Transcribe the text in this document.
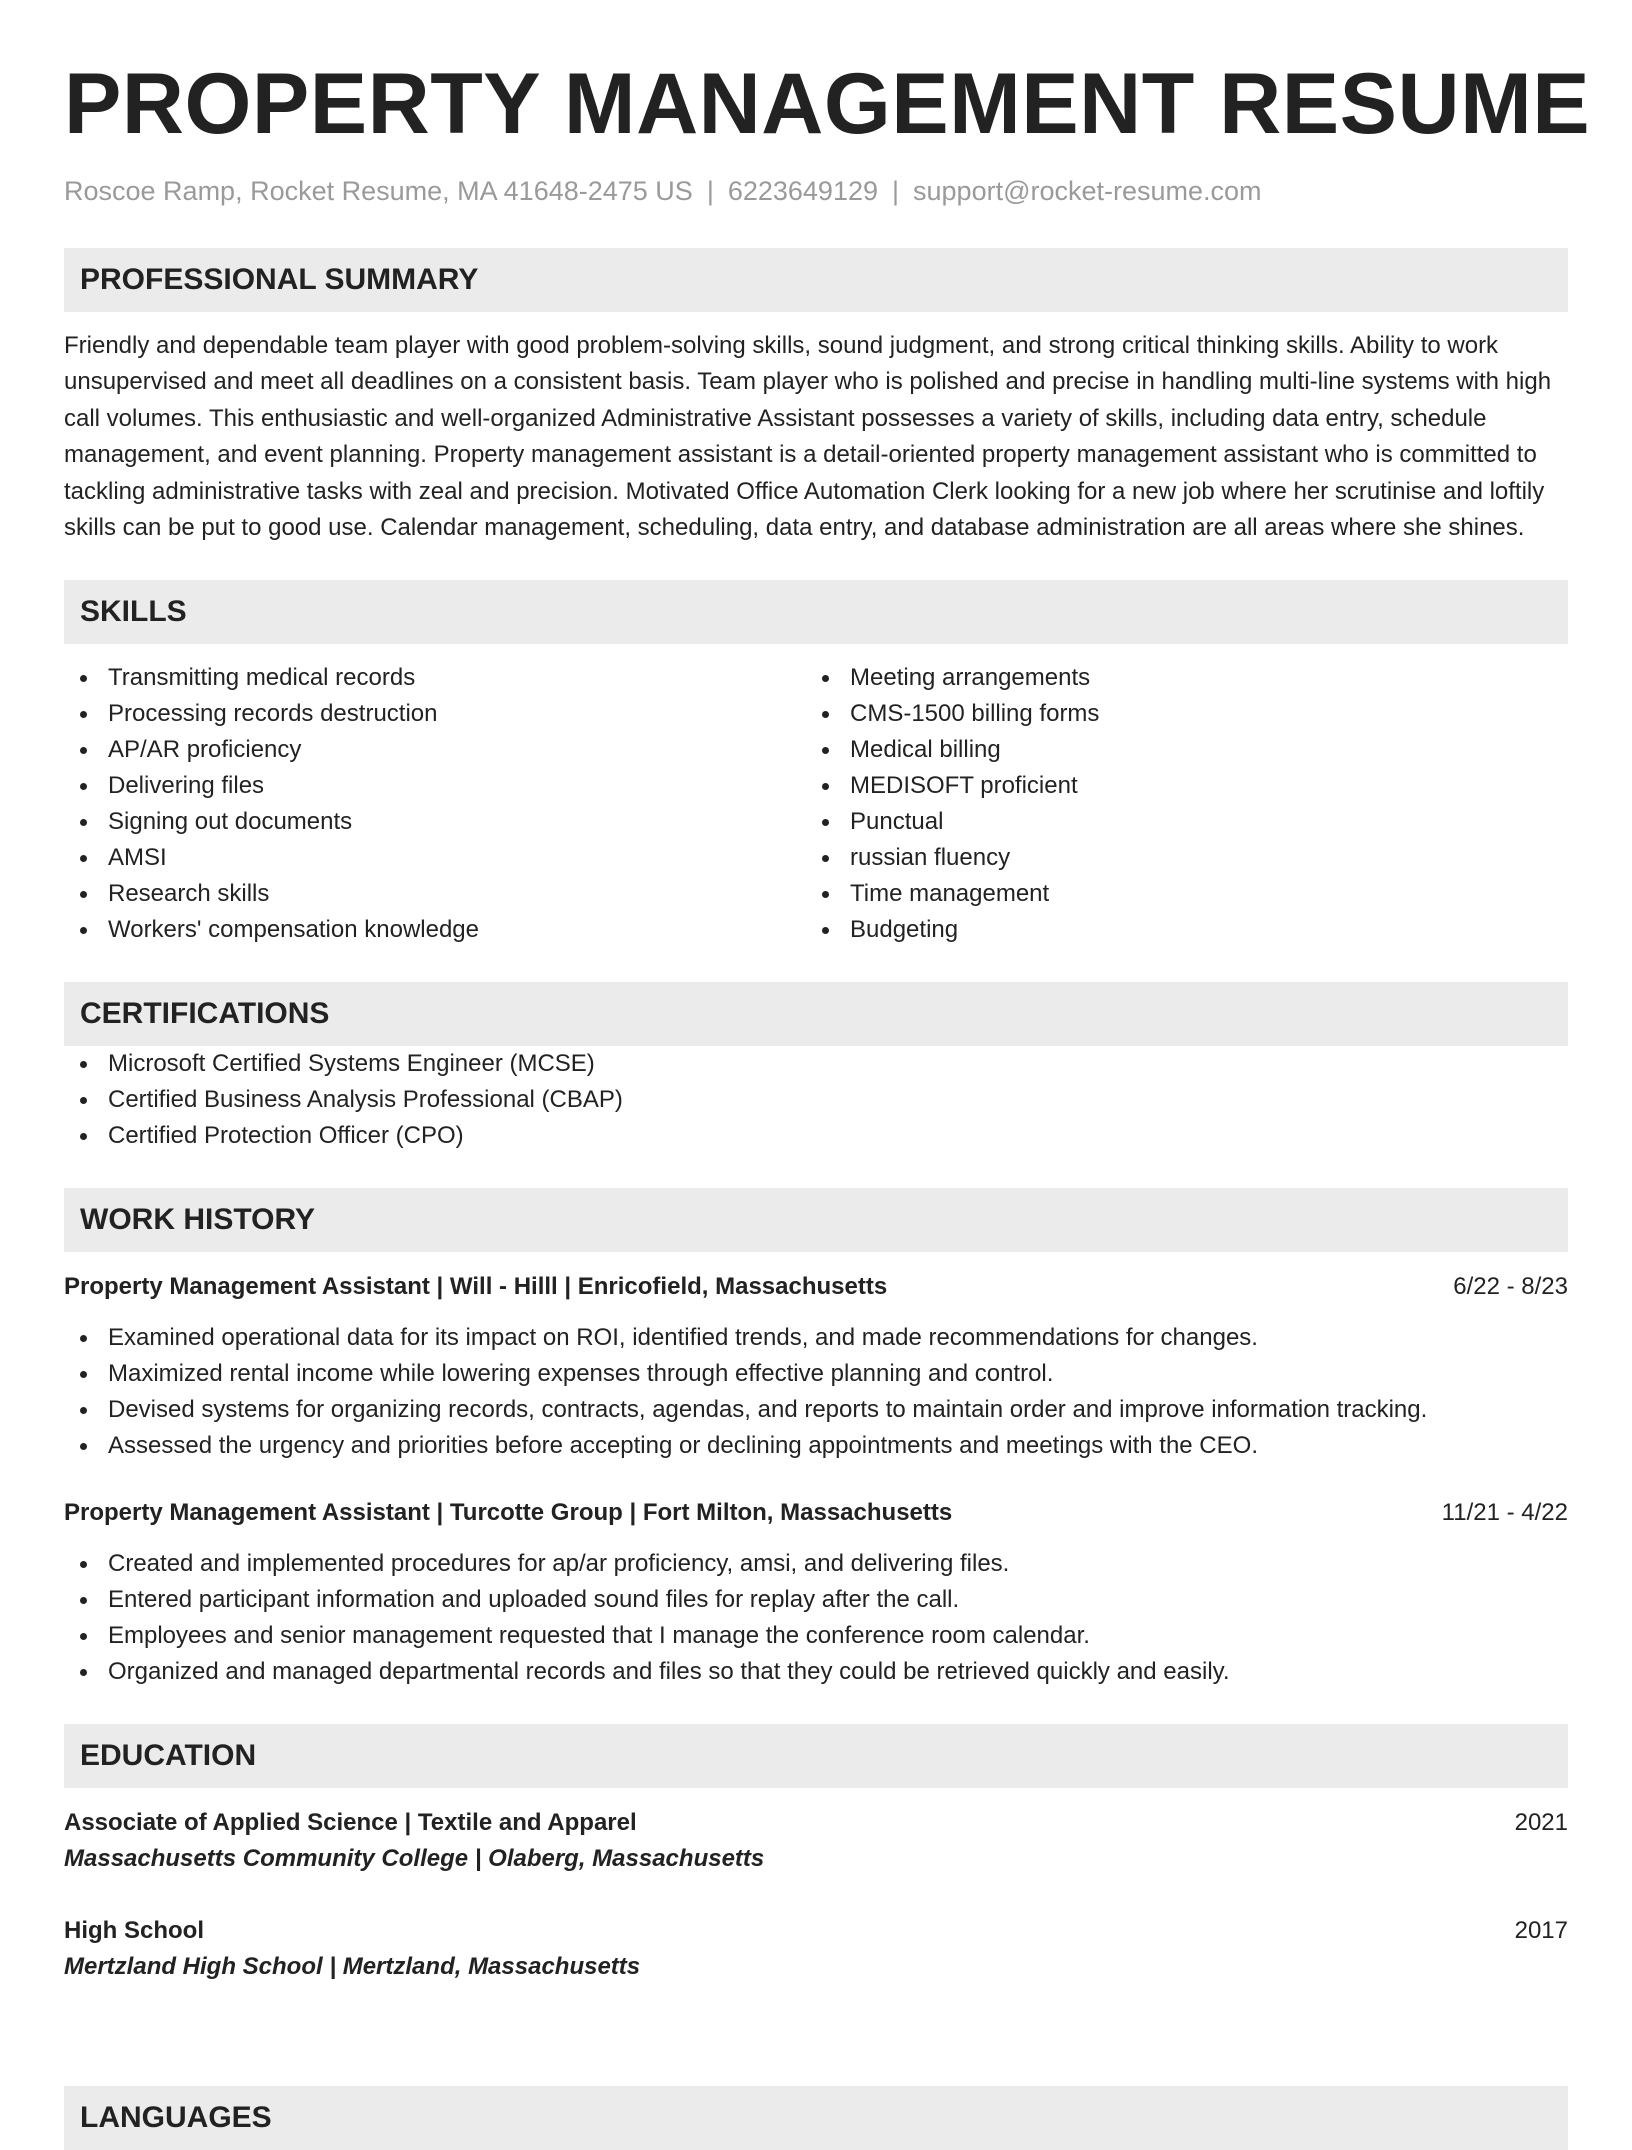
PROPERTY MANAGEMENT RESUME
Roscoe Ramp, Rocket Resume, MA 41648-2475 US | 6223649129 | support@rocket-resume.com
PROFESSIONAL SUMMARY

Friendly and dependable team player with good problem-solving skills, sound judgment, and strong critical thinking skills. Ability to work unsupervised and meet all deadlines on a consistent basis. Team player who is polished and precise in handling multi-line systems with high call volumes. This enthusiastic and well-organized Administrative Assistant possesses a variety of skills, including data entry, schedule management, and event planning. Property management assistant is a detail-oriented property management assistant who is committed to tackling administrative tasks with zeal and precision. Motivated Office Automation Clerk looking for a new job where her scrutinise and loftily skills can be put to good use. Calendar management, scheduling, data entry, and database administration are all areas where she shines.

SKILLS
Transmitting medical records
Processing records destruction
AP/AR proficiency
Delivering files
Signing out documents
AMSI
Research skills
Workers' compensation knowledge
Meeting arrangements
CMS-1500 billing forms
Medical billing
MEDISOFT proficient
Punctual
russian fluency
Time management
Budgeting
CERTIFICATIONS
Microsoft Certified Systems Engineer (MCSE)
Certified Business Analysis Professional (CBAP)
Certified Protection Officer (CPO)
WORK HISTORY
Property Management Assistant | Will - Hilll | Enricofield, Massachusetts	6/22 - 8/23
Examined operational data for its impact on ROI, identified trends, and made recommendations for changes.
Maximized rental income while lowering expenses through effective planning and control.
Devised systems for organizing records, contracts, agendas, and reports to maintain order and improve information tracking.
Assessed the urgency and priorities before accepting or declining appointments and meetings with the CEO.
Property Management Assistant | Turcotte Group | Fort Milton, Massachusetts	11/21 - 4/22
Created and implemented procedures for ap/ar proficiency, amsi, and delivering files.
Entered participant information and uploaded sound files for replay after the call.
Employees and senior management requested that I manage the conference room calendar.
Organized and managed departmental records and files so that they could be retrieved quickly and easily.
EDUCATION
Associate of Applied Science | Textile and Apparel	2021
Massachusetts Community College | Olaberg, Massachusetts
High School	2017
Mertzland High School | Mertzland, Massachusetts
LANGUAGES
